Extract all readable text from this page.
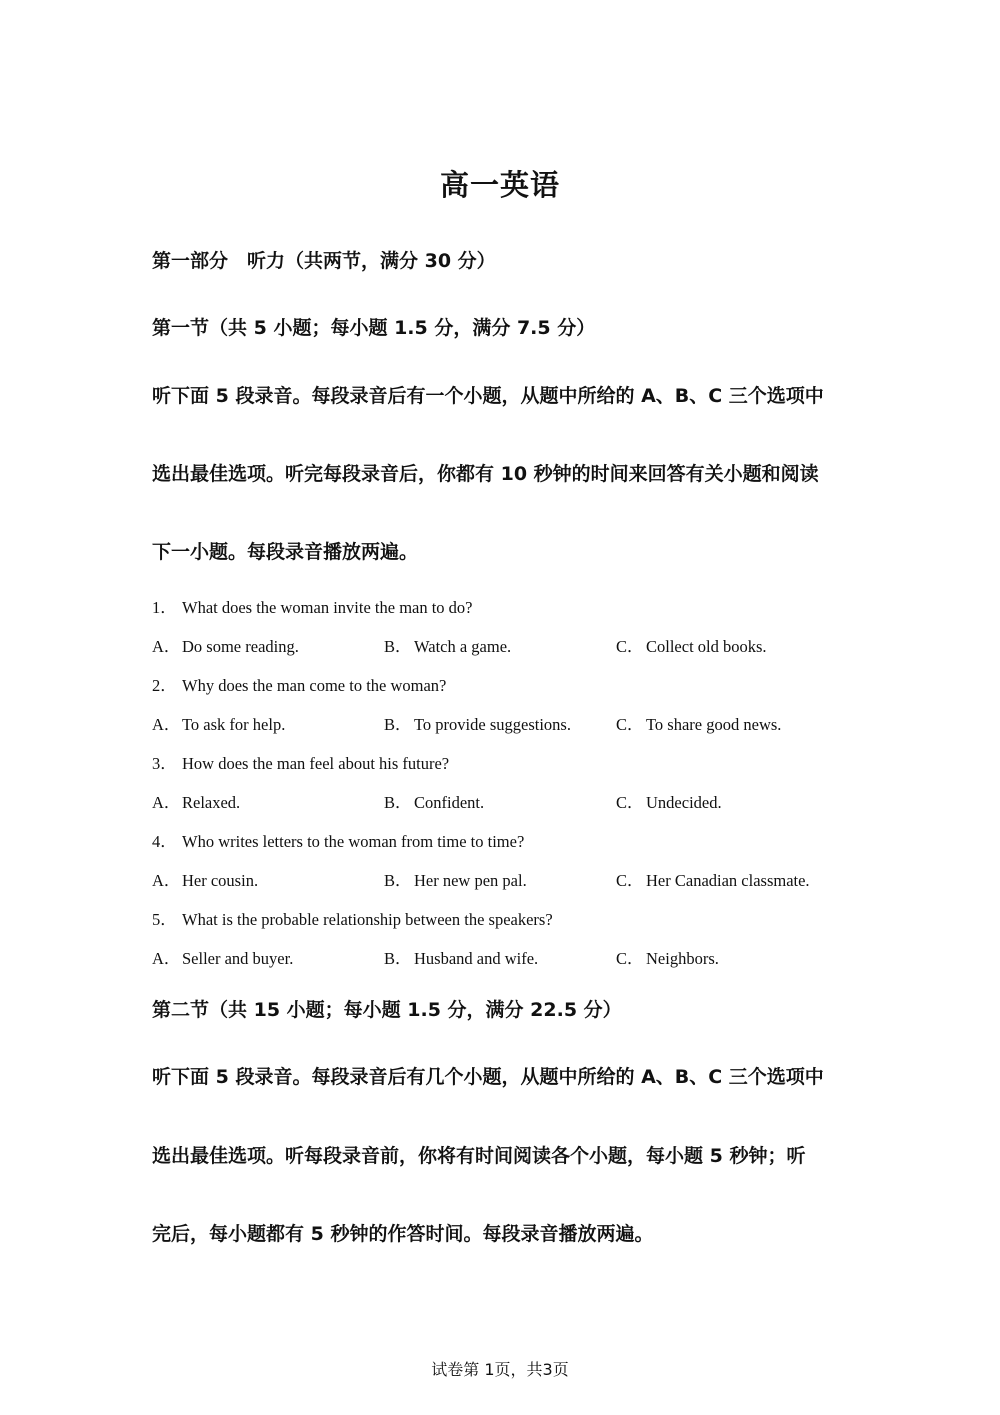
高一英语
第一部分　听力（共两节，满分 30 分）
第一节（共 5 小题；每小题 1.5 分，满分 7.5 分）
听下面 5 段录音。每段录音后有一个小题，从题中所给的 A、B、C 三个选项中
选出最佳选项。听完每段录音后，你都有 10 秒钟的时间来回答有关小题和阅读
下一小题。每段录音播放两遍。
1． What does the woman invite the man to do?
A．Do some reading.	B． Watch a game.	C． Collect old books.
2． Why does the man come to the woman?
A．To ask for help.	B． To provide suggestions.	C． To share good news.
3． How does the man feel about his future?
A．Relaxed.	B． Confident.	C． Undecided.
4． Who writes letters to the woman from time to time?
A．Her cousin.	B． Her new pen pal.	C． Her Canadian classmate.
5． What is the probable relationship between the speakers?
A．Seller and buyer.	B． Husband and wife.	C． Neighbors.
第二节（共 15 小题；每小题 1.5 分，满分 22.5 分）
听下面 5 段录音。每段录音后有几个小题，从题中所给的 A、B、C 三个选项中
选出最佳选项。听每段录音前，你将有时间阅读各个小题，每小题 5 秒钟；听
完后，每小题都有 5 秒钟的作答时间。每段录音播放两遍。
试卷第 1页，共3页
